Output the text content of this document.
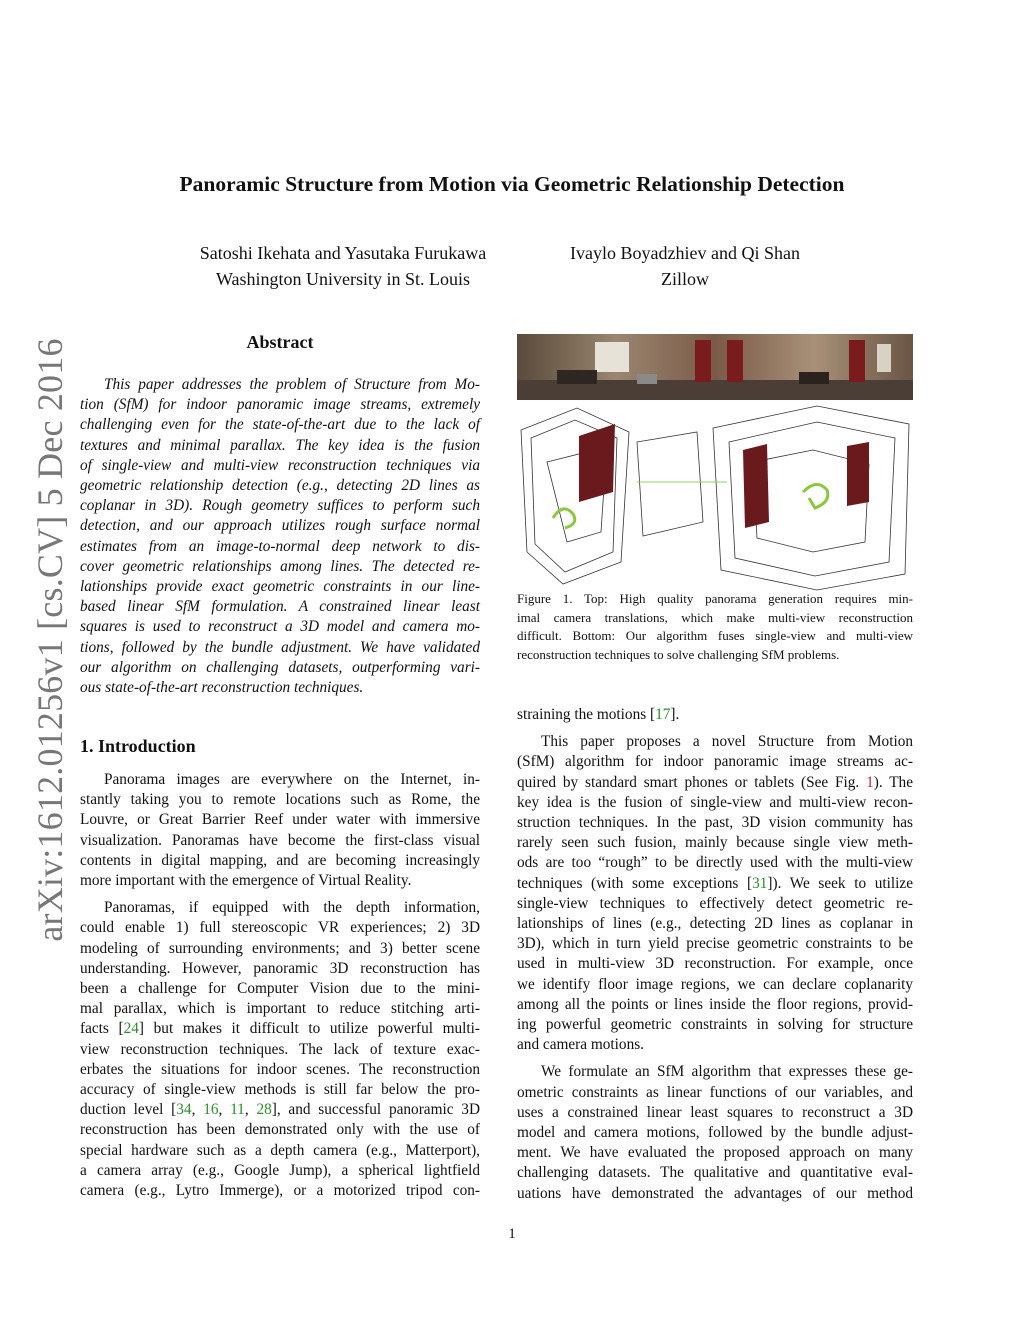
arXiv:1612.01256v1 [cs.CV] 5 Dec 2016
Panoramic Structure from Motion via Geometric Relationship Detection
Satoshi Ikehata and Yasutaka Furukawa
Washington University in St. Louis
Ivaylo Boyadzhiev and Qi Shan
Zillow
Abstract
This paper addresses the problem of Structure from Mo-
tion (SfM) for indoor panoramic image streams, extremely
challenging even for the state-of-the-art due to the lack of
textures and minimal parallax. The key idea is the fusion
of single-view and multi-view reconstruction techniques via
geometric relationship detection (e.g., detecting 2D lines as
coplanar in 3D). Rough geometry suffices to perform such
detection, and our approach utilizes rough surface normal
estimates from an image-to-normal deep network to dis-
cover geometric relationships among lines. The detected re-
lationships provide exact geometric constraints in our line-
based linear SfM formulation. A constrained linear least
squares is used to reconstruct a 3D model and camera mo-
tions, followed by the bundle adjustment. We have validated
our algorithm on challenging datasets, outperforming vari-
ous state-of-the-art reconstruction techniques.
1. Introduction
Panorama images are everywhere on the Internet, in-
stantly taking you to remote locations such as Rome, the
Louvre, or Great Barrier Reef under water with immersive
visualization. Panoramas have become the first-class visual
contents in digital mapping, and are becoming increasingly
more important with the emergence of Virtual Reality.
Panoramas, if equipped with the depth information,
could enable 1) full stereoscopic VR experiences; 2) 3D
modeling of surrounding environments; and 3) better scene
understanding. However, panoramic 3D reconstruction has
been a challenge for Computer Vision due to the mini-
mal parallax, which is important to reduce stitching arti-
facts [24] but makes it difficult to utilize powerful multi-
view reconstruction techniques. The lack of texture exac-
erbates the situations for indoor scenes. The reconstruction
accuracy of single-view methods is still far below the pro-
duction level [34, 16, 11, 28], and successful panoramic 3D
reconstruction has been demonstrated only with the use of
special hardware such as a depth camera (e.g., Matterport),
a camera array (e.g., Google Jump), a spherical lightfield
camera (e.g., Lytro Immerge), or a motorized tripod con-
Figure 1. Top: High quality panorama generation requires min-
imal camera translations, which make multi-view reconstruction
difficult. Bottom: Our algorithm fuses single-view and multi-view
reconstruction techniques to solve challenging SfM problems.
straining the motions [17].
This paper proposes a novel Structure from Motion
(SfM) algorithm for indoor panoramic image streams ac-
quired by standard smart phones or tablets (See Fig. 1). The
key idea is the fusion of single-view and multi-view recon-
struction techniques. In the past, 3D vision community has
rarely seen such fusion, mainly because single view meth-
ods are too “rough” to be directly used with the multi-view
techniques (with some exceptions [31]). We seek to utilize
single-view techniques to effectively detect geometric re-
lationships of lines (e.g., detecting 2D lines as coplanar in
3D), which in turn yield precise geometric constraints to be
used in multi-view 3D reconstruction. For example, once
we identify floor image regions, we can declare coplanarity
among all the points or lines inside the floor regions, provid-
ing powerful geometric constraints in solving for structure
and camera motions.
We formulate an SfM algorithm that expresses these ge-
ometric constraints as linear functions of our variables, and
uses a constrained linear least squares to reconstruct a 3D
model and camera motions, followed by the bundle adjust-
ment. We have evaluated the proposed approach on many
challenging datasets. The qualitative and quantitative eval-
uations have demonstrated the advantages of our method
1
